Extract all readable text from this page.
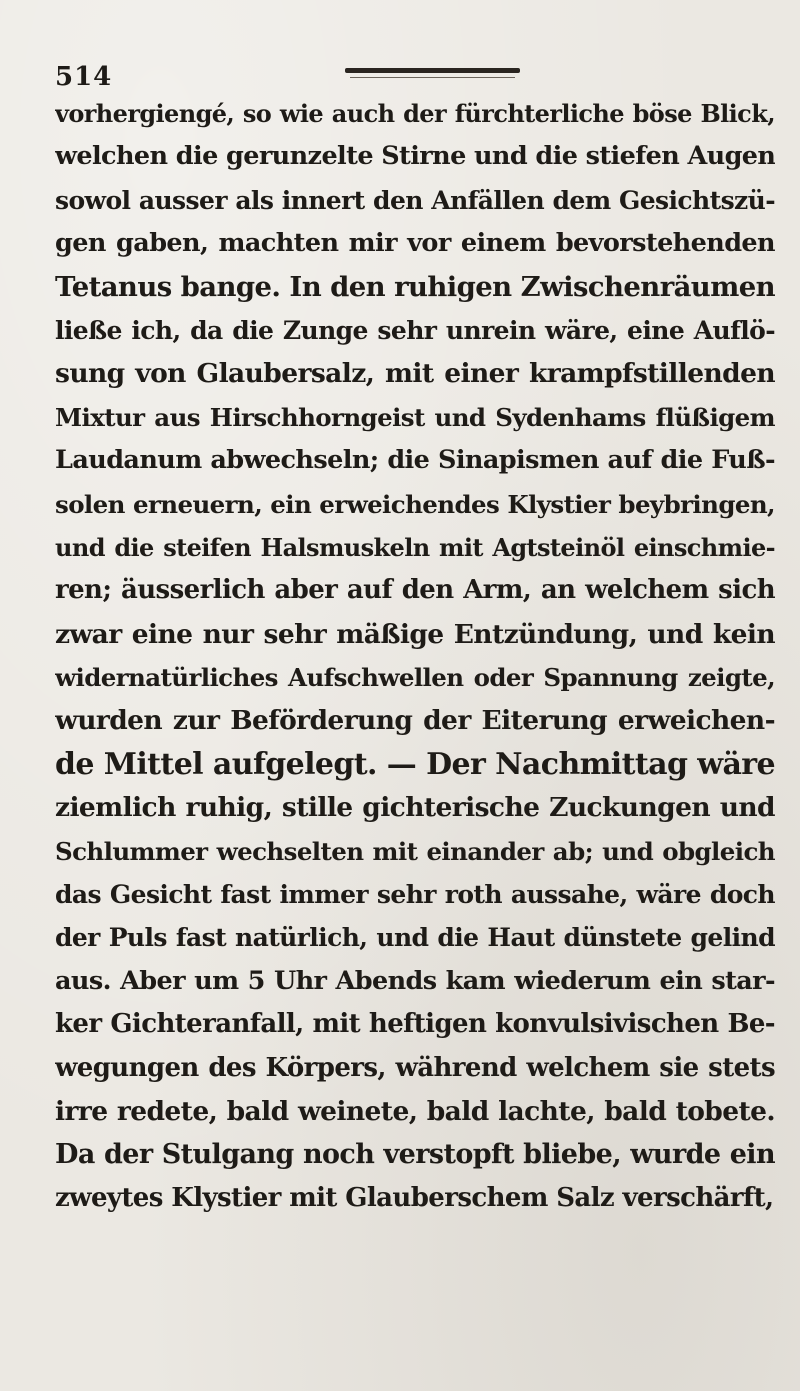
514
vorhergiengé, so wie auch der fürchterliche böse Blick,
welchen die gerunzelte Stirne und die stiefen Augen
sowol ausser als innert den Anfällen dem Gesichtszü-
gen gaben, machten mir vor einem bevorstehenden
Tetanus bange. In den ruhigen Zwischenräumen
ließe ich, da die Zunge sehr unrein wäre, eine Auflö-
sung von Glaubersalz, mit einer krampfstillenden
Mixtur aus Hirschhorngeist und Sydenhams flüßigem
Laudanum abwechseln; die Sinapismen auf die Fuß-
solen erneuern, ein erweichendes Klystier beybringen,
und die steifen Halsmuskeln mit Agtsteinöl einschmie-
ren; äusserlich aber auf den Arm, an welchem sich
zwar eine nur sehr mäßige Entzündung, und kein
widernatürliches Aufschwellen oder Spannung zeigte,
wurden zur Beförderung der Eiterung erweichen-
de Mittel aufgelegt. — Der Nachmittag wäre
ziemlich ruhig, stille gichterische Zuckungen und
Schlummer wechselten mit einander ab; und obgleich
das Gesicht fast immer sehr roth aussahe, wäre doch
der Puls fast natürlich, und die Haut dünstete gelind
aus. Aber um 5 Uhr Abends kam wiederum ein star-
ker Gichteranfall, mit heftigen konvulsivischen Be-
wegungen des Körpers, während welchem sie stets
irre redete, bald weinete, bald lachte, bald tobete.
Da der Stulgang noch verstopft bliebe, wurde ein
zweytes Klystier mit Glauberschem Salz verschärft,
